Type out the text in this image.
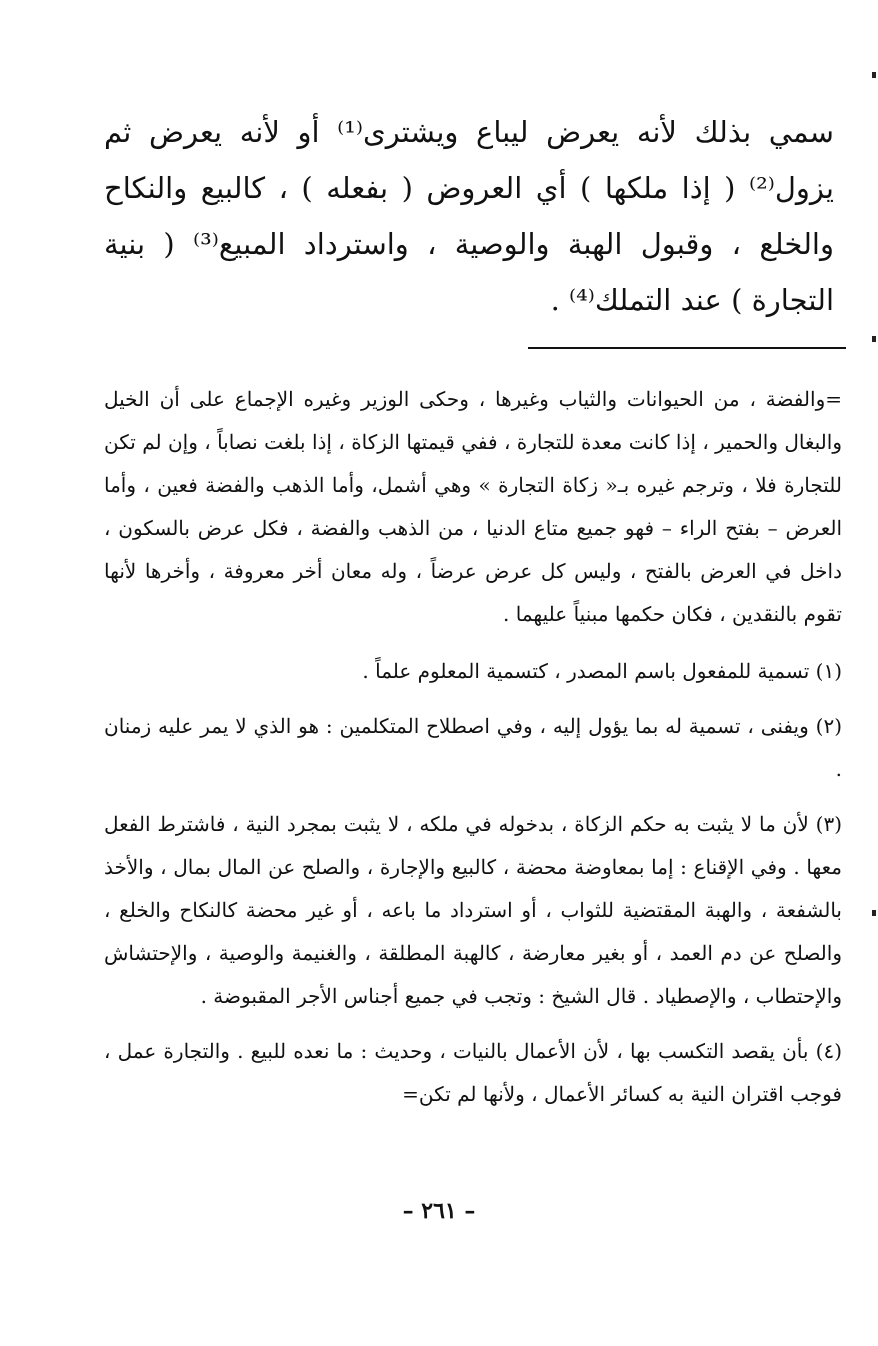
سمي بذلك لأنه يعرض ليباع ويشترى⁽¹⁾ أو لأنه يعرض ثم يزول⁽²⁾ ( إذا ملكها ) أي العروض ( بفعله ) ، كالبيع والنكاح والخلع ، وقبول الهبة والوصية ، واسترداد المبيع⁽³⁾ ( بنية التجارة ) عند التملك⁽⁴⁾ .

=والفضة ، من الحيوانات والثياب وغيرها ، وحكى الوزير وغيره الإجماع على أن الخيل والبغال والحمير ، إذا كانت معدة للتجارة ، ففي قيمتها الزكاة ، إذا بلغت نصاباً ، وإن لم تكن للتجارة فلا ، وترجم غيره بـ« زكاة التجارة » وهي أشمل، وأما الذهب والفضة فعين ، وأما العرض – بفتح الراء – فهو جميع متاع الدنيا ، من الذهب والفضة ، فكل عرض بالسكون ، داخل في العرض بالفتح ، وليس كل عرض عرضاً ، وله معان أخر معروفة ، وأخرها لأنها تقوم بالنقدين ، فكان حكمها مبنياً عليهما .

(١) تسمية للمفعول باسم المصدر ، كتسمية المعلوم علماً .

(٢) ويفنى ، تسمية له بما يؤول إليه ، وفي اصطلاح المتكلمين : هو الذي لا يمر عليه زمنان .

(٣) لأن ما لا يثبت به حكم الزكاة ، بدخوله في ملكه ، لا يثبت بمجرد النية ، فاشترط الفعل معها . وفي الإقناع : إما بمعاوضة محضة ، كالبيع والإجارة ، والصلح عن المال بمال ، والأخذ بالشفعة ، والهبة المقتضية للثواب ، أو استرداد ما باعه ، أو غير محضة كالنكاح والخلع ، والصلح عن دم العمد ، أو بغير معارضة ، كالهبة المطلقة ، والغنيمة والوصية ، والإحتشاش والإحتطاب ، والإصطياد . قال الشيخ : وتجب في جميع أجناس الأجر المقبوضة .

(٤) بأن يقصد التكسب بها ، لأن الأعمال بالنيات ، وحديث : ما نعده للبيع . والتجارة عمل ، فوجب اقتران النية به كسائر الأعمال ، ولأنها لم تكن=

– ٢٦١ –
